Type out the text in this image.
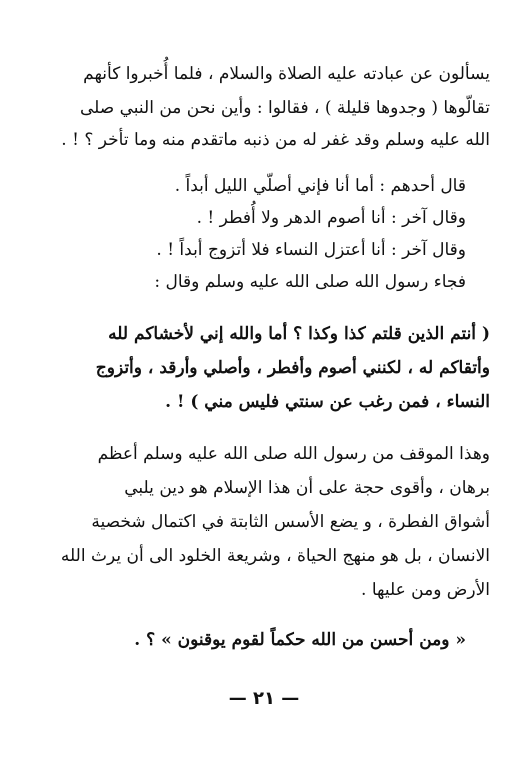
يسألون عن عبادته عليه الصلاة والسلام ، فلما أُخبروا كأنهم
تقالّوها ( وجدوها قليلة ) ، فقالوا : وأين نحن من النبي صلى
الله عليه وسلم وقد غفر له من ذنبه ماتقدم منه وما تأخر ؟ ! .
قال أحدهم : أما أنا فإني أصلّي الليل أبداً .
وقال آخر : أنا أصوم الدهر ولا أُفطر ! .
وقال آخر : أنا أعتزل النساء فلا أتزوج أبداً ! .
فجاء رسول الله صلى الله عليه وسلم وقال :
( أنتم الذين قلتم كذا وكذا ؟ أما والله إني لأخشاكم لله
وأتقاكم له ، لكنني أصوم وأفطر ، وأصلي وأرقد ، وأتزوج
النساء ، فمن رغب عن سنتي فليس مني ) ! .
وهذا الموقف من رسول الله صلى الله عليه وسلم أعظم
برهان ، وأقوى حجة على أن هذا الإسلام هو دين يلبي
أشواق الفطرة ، و يضع الأسس الثابتة في اكتمال شخصية
الانسان ، بل هو منهج الحياة ، وشريعة الخلود الى أن يرث الله
الأرض ومن عليها .
« ومن أحسن من الله حكماً لقوم يوقنون » ؟ .
— ٢١ —
